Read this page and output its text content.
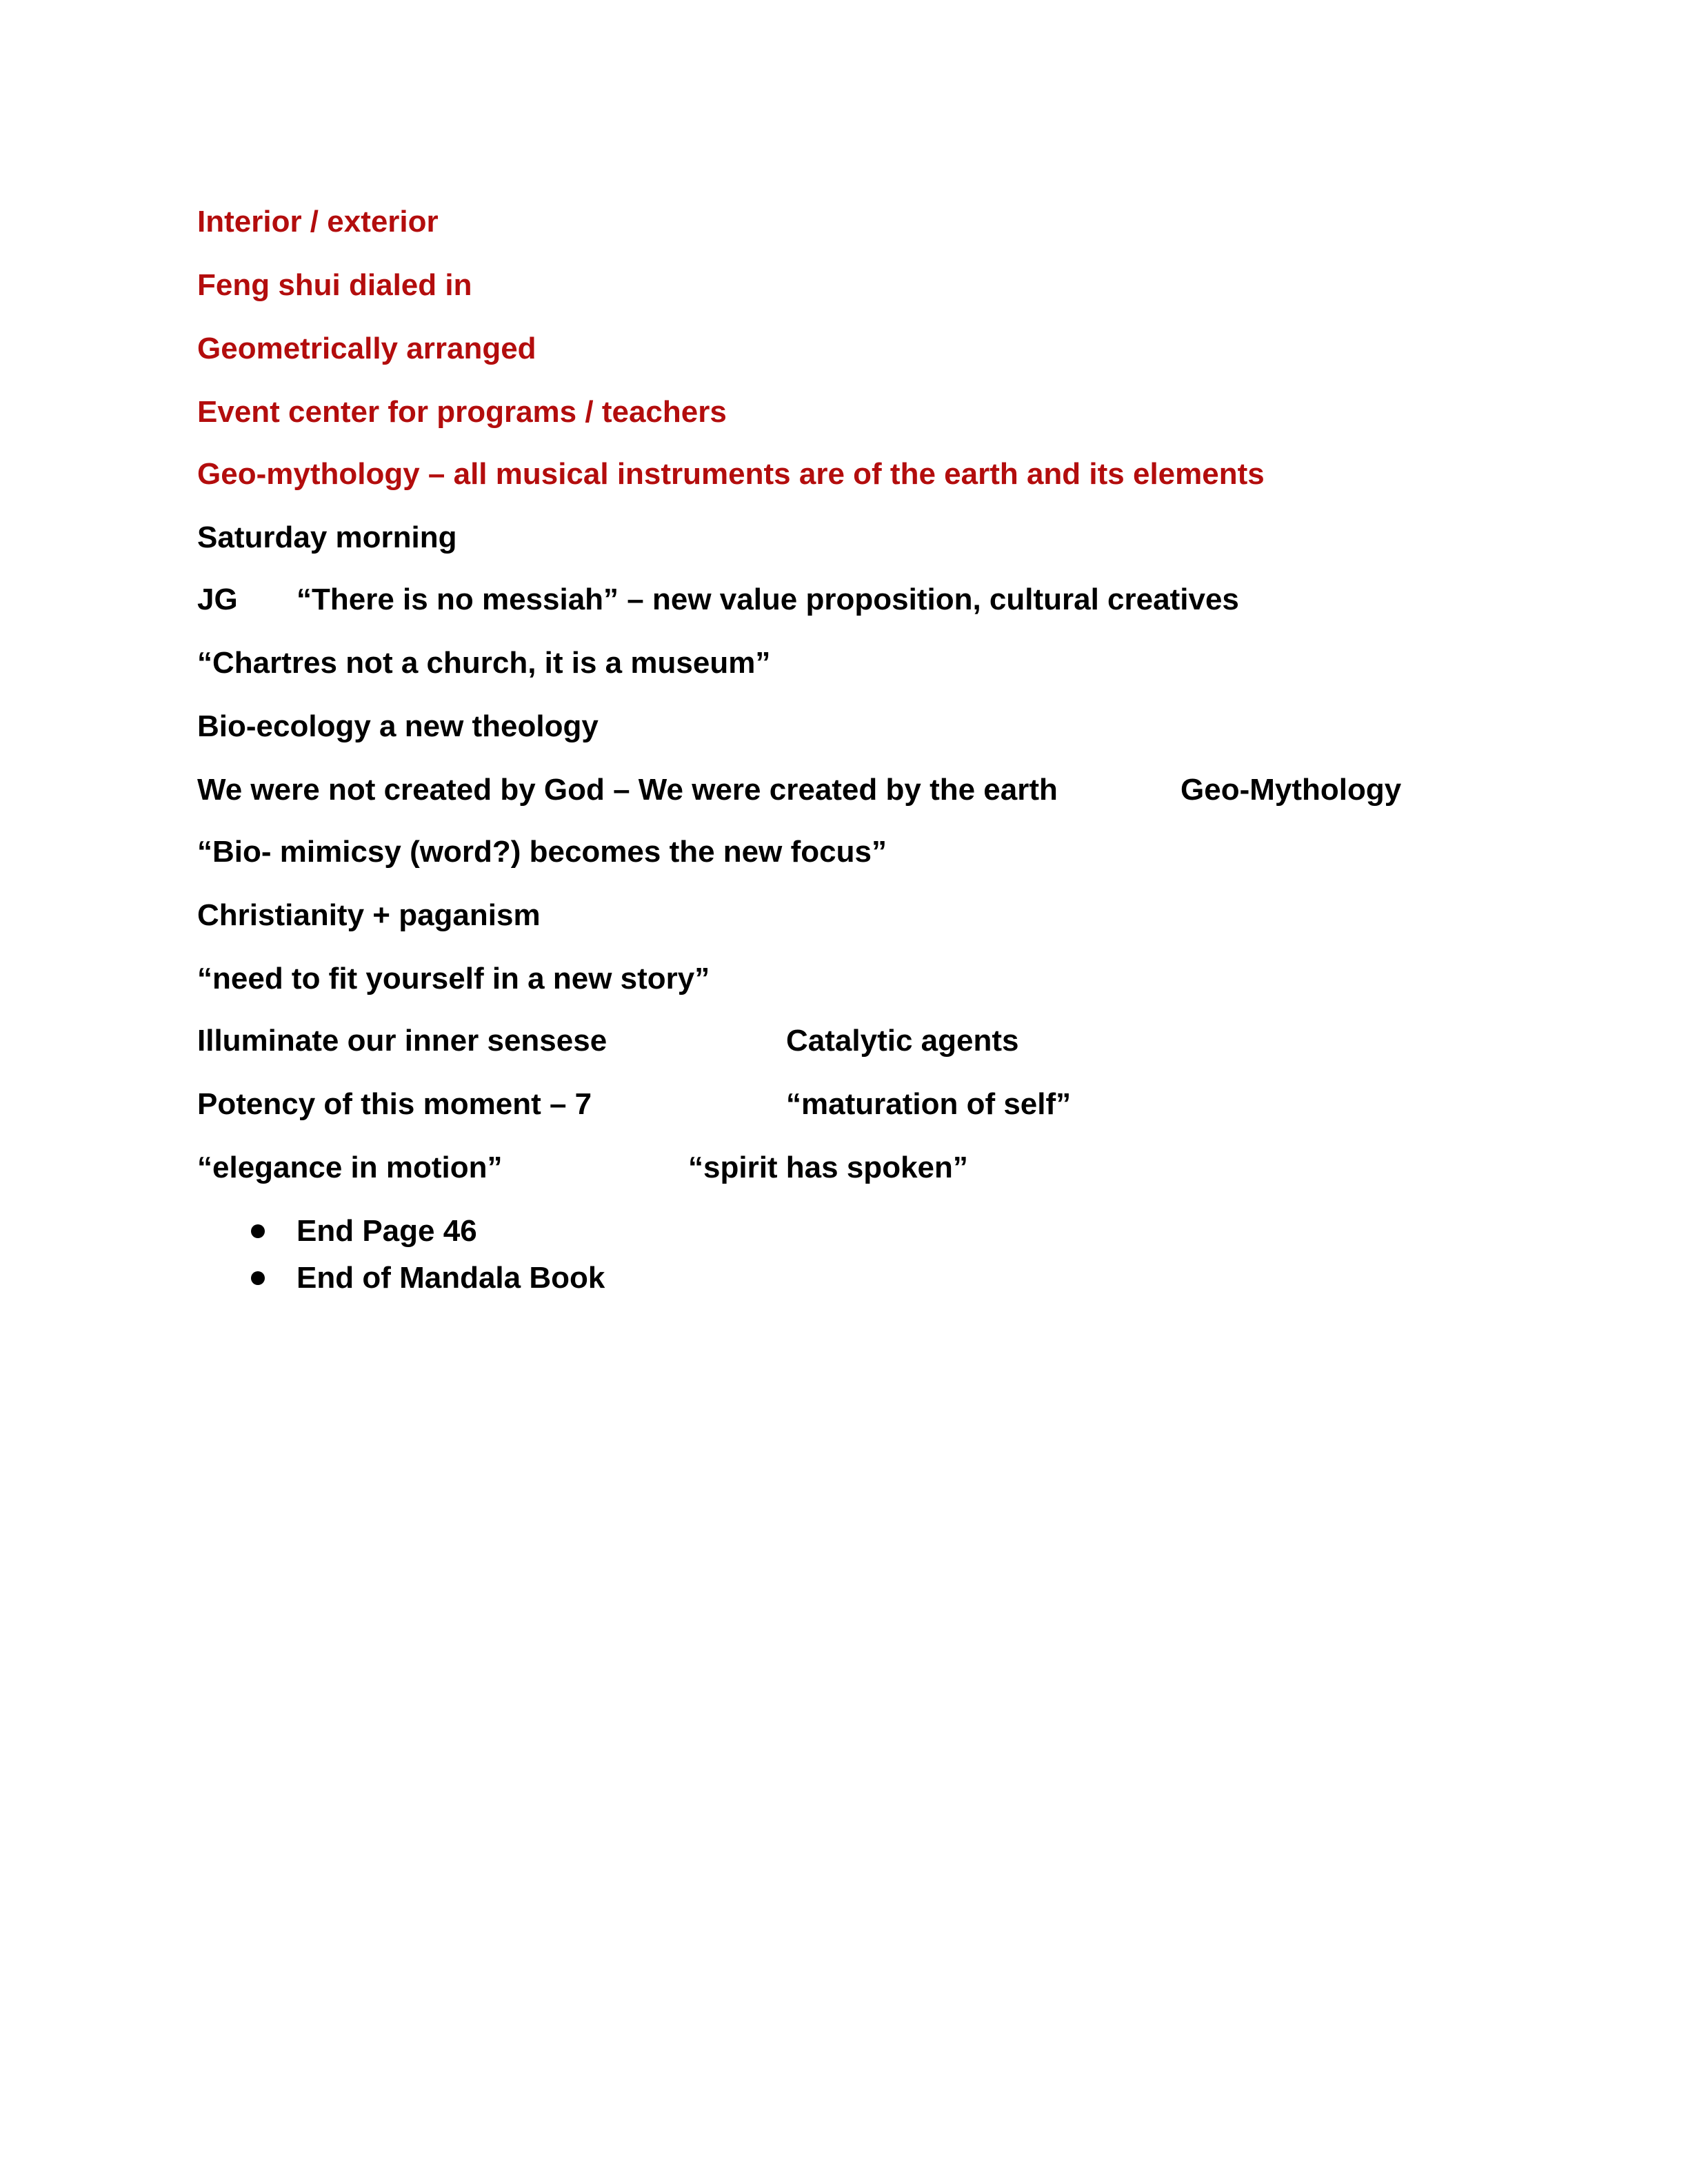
Interior / exterior
Feng shui dialed in
Geometrically arranged
Event center for programs / teachers
Geo-mythology – all musical instruments are of the earth and its elements
Saturday morning
JG “There is no messiah” – new value proposition, cultural creatives
“Chartres not a church, it is a museum”
Bio-ecology a new theology
We were not created by God – We were created by the earth	Geo-Mythology
“Bio- mimicsy (word?) becomes the new focus”
Christianity + paganism
“need to fit yourself in a new story”
Illuminate our inner sensese	Catalytic agents
Potency of this moment – 7	“maturation of self”
“elegance in motion”	“spirit has spoken”
End Page 46
End of Mandala Book
